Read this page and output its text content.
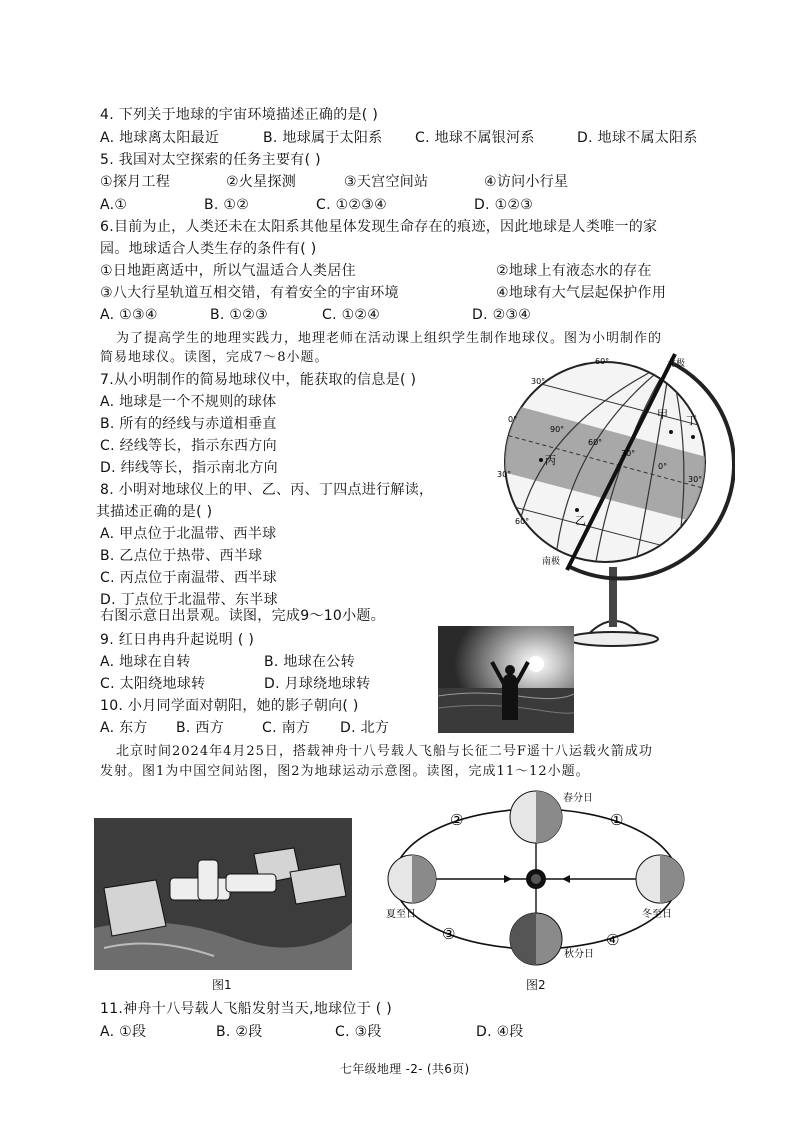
4. 下列关于地球的宇宙环境描述正确的是( )
A. 地球离太阳最近	B. 地球属于太阳系 C. 地球不属银河系	D. 地球不属太阳系
5. 我国对太空探索的任务主要有( )
①探月工程	②火星探测	③天宫空间站	④访问小行星
A.①	B. ①②	C. ①②③④	D. ①②③
6.目前为止，人类还未在太阳系其他星体发现生命存在的痕迹，因此地球是人类唯一的家
园。地球适合人类生存的条件有( )
①日地距离适中，所以气温适合人类居住	②地球上有液态水的存在
③八大行星轨道互相交错，有着安全的宇宙环境	④地球有大气层起保护作用
A. ①③④	B. ①②③	C. ①②④	D. ②③④
为了提高学生的地理实践力，地理老师在活动课上组织学生制作地球仪。图为小明制作的
简易地球仪。读图，完成7～8小题。
7.从小明制作的简易地球仪中，能获取的信息是( )
A. 地球是一个不规则的球体
B. 所有的经线与赤道相垂直
C. 经线等长，指示东西方向
D. 纬线等长，指示南北方向
8. 小明对地球仪上的甲、乙、丙、丁四点进行解读，
其描述正确的是( )
A. 甲点位于北温带、西半球
B. 乙点位于热带、西半球
C. 丙点位于南温带、西半球
D. 丁点位于北温带、东半球
北极
南极
60°
30°
0°
30°
60°
90°
60°
30°
0°
30°
甲 丁
丙
乙
右图示意日出景观。读图，完成9～10小题。
9. 红日冉冉升起说明 ( )
A. 地球在自转	B. 地球在公转
C. 太阳绕地球转	D. 月球绕地球转
10. 小月同学面对朝阳，她的影子朝向( )
A. 东方 B. 西方	C. 南方 D. 北方
北京时间2024年4月25日，搭载神舟十八号载人飞船与长征二号F遥十八运载火箭成功
发射。图1为中国空间站图，图2为地球运动示意图。读图，完成11～12小题。
图1
春分日
夏至日	冬至日
秋分日
①
②
③	④
图2
11.神舟十八号载人飞船发射当天,地球位于 ( )
A. ①段	B. ②段	C. ③段	D. ④段
七年级地理 -2- (共6页)
